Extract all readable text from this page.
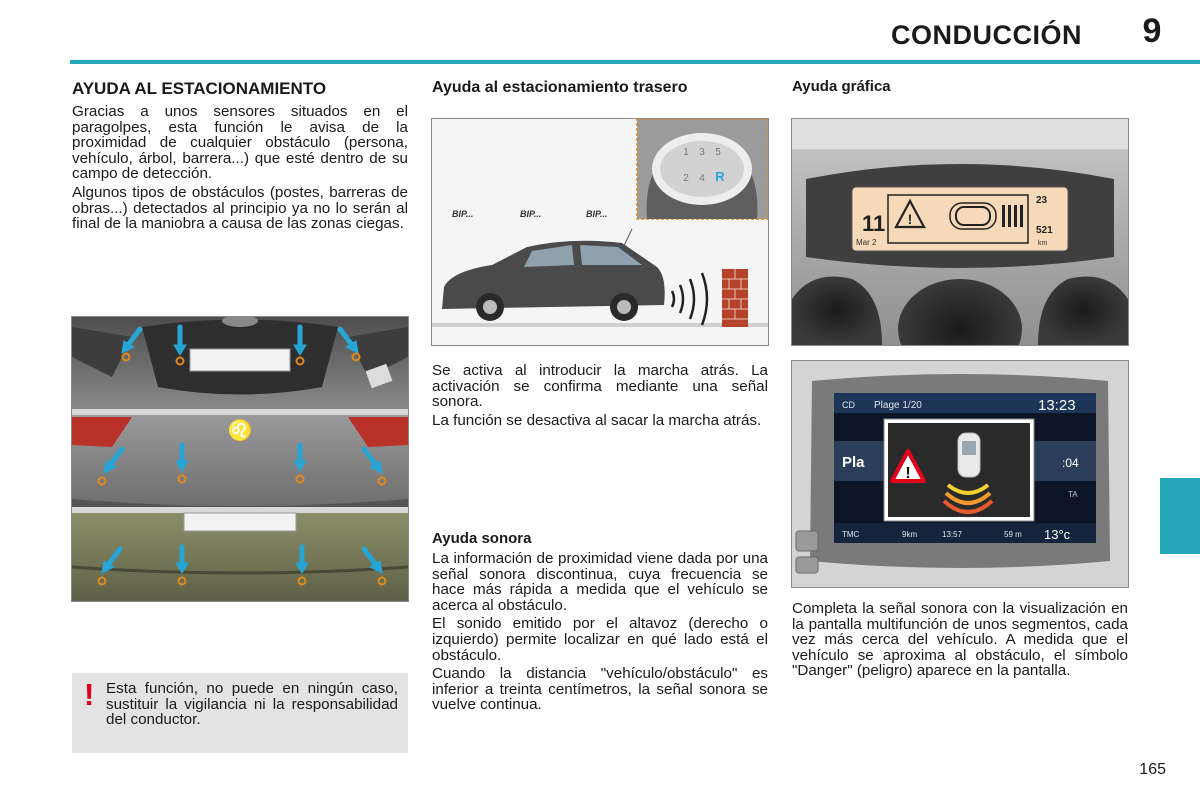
CONDUCCIÓN	9
AYUDA AL ESTACIONAMIENTO

Gracias a unos sensores situados en el paragolpes, esta función le avisa de la proximidad de cualquier obstáculo (persona, vehículo, árbol, barrera...) que esté dentro de su campo de detección.

Algunos tipos de obstáculos (postes, barreras de obras...) detectados al principio ya no lo serán al final de la maniobra a causa de las zonas ciegas.

♌
! Esta función, no puede en ningún caso, sustituir la vigilancia ni la responsabilidad del conductor.

Ayuda al estacionamiento trasero
1 3 5
2 4 R
BIP...	BIP...	BIP...

Se activa al introducir la marcha atrás. La activación se confirma mediante una señal sonora.

La función se desactiva al sacar la marcha atrás.

Ayuda sonora

La información de proximidad viene dada por una señal sonora discontinua, cuya frecuencia se hace más rápida a medida que el vehículo se acerca al obstáculo.

El sonido emitido por el altavoz (derecho o izquierdo) permite localizar en qué lado está el obstáculo.

Cuando la distancia "vehículo/obstáculo" es inferior a treinta centímetros, la señal sonora se vuelve continua.

Ayuda gráfica
11
Mar 2
!
23
521
km
CD Plage 1/20	13:23
Pla	:04
TA
!
TMC	9km	13:57	59 m 13°c

Completa la señal sonora con la visualización en la pantalla multifunción de unos segmentos, cada vez más cerca del vehículo. A medida que el vehículo se aproxima al obstáculo, el símbolo "Danger" (peligro) aparece en la pantalla.

165
